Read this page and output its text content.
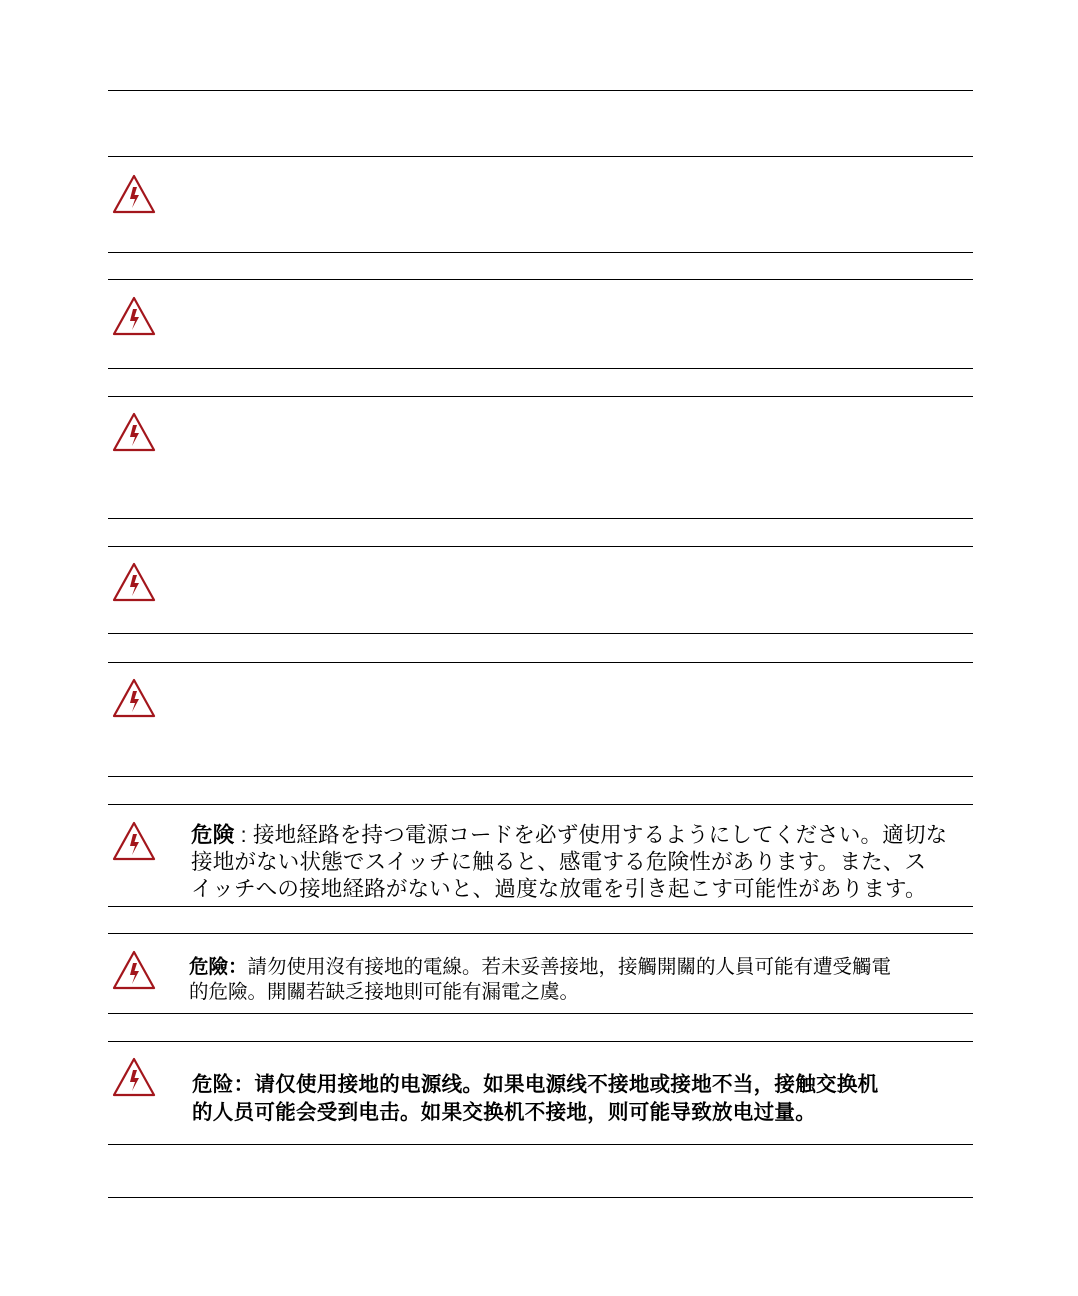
危険 : 接地経路を持つ電源コードを必ず使用するようにしてください。適切な
接地がない状態でスイッチに触ると、感電する危険性があります。また、ス
イッチへの接地経路がないと、過度な放電を引き起こす可能性があります。
危險：請勿使用沒有接地的電線。若未妥善接地，接觸開關的人員可能有遭受觸電
的危險。開關若缺乏接地則可能有漏電之虞。
危险：请仅使用接地的电源线。如果电源线不接地或接地不当，接触交换机
的人员可能会受到电击。如果交换机不接地，则可能导致放电过量。
